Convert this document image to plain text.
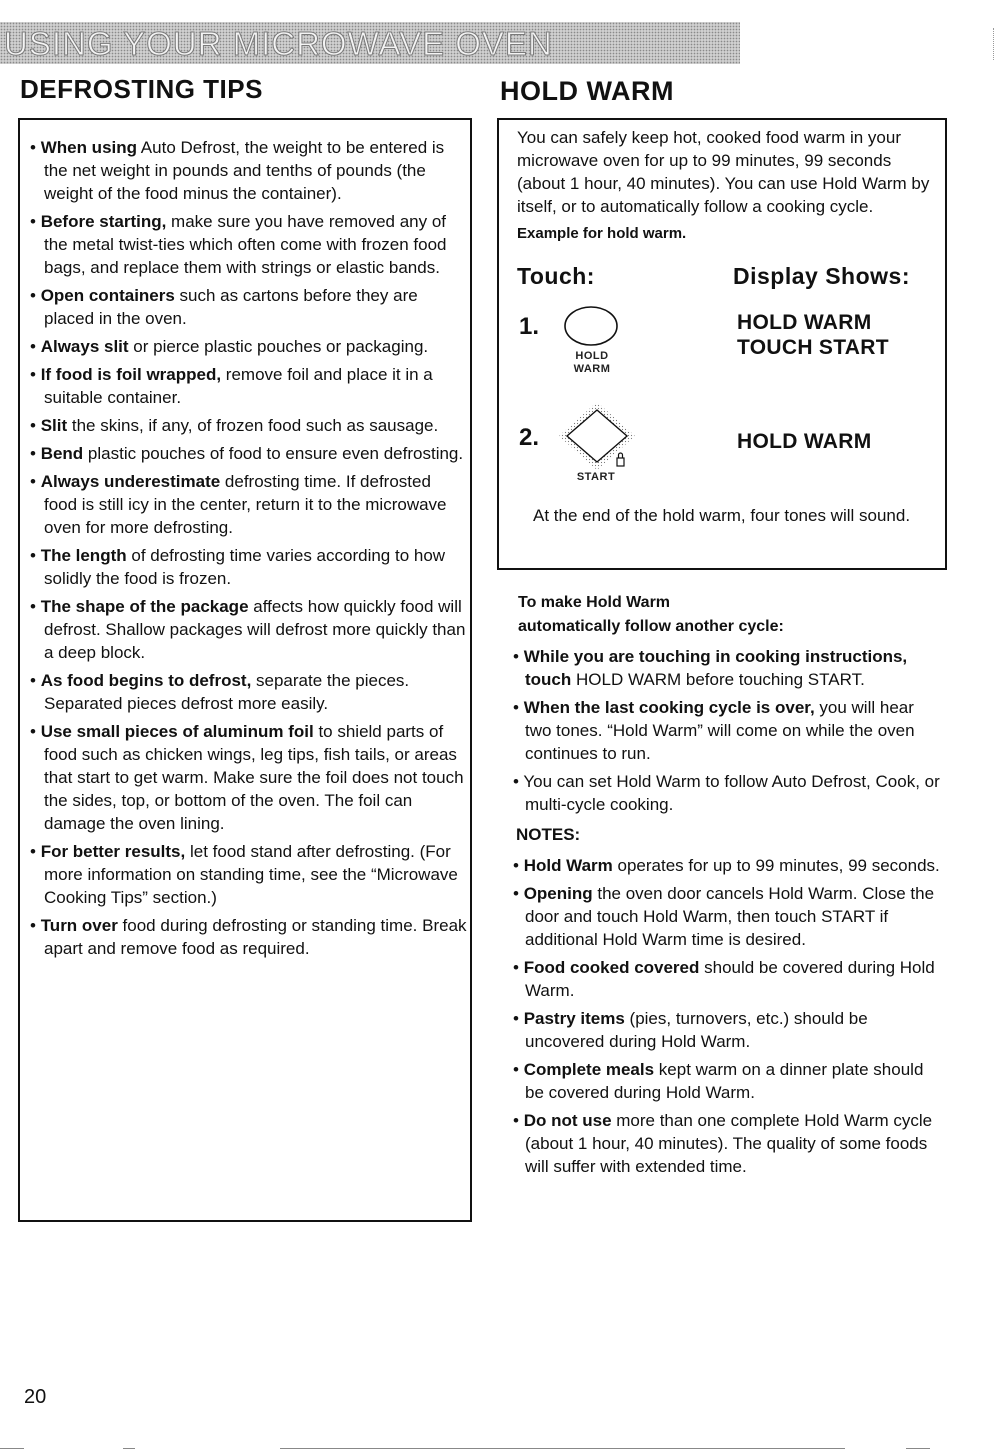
USING YOUR MICROWAVE OVEN
DEFROSTING TIPS
• When using Auto Defrost, the weight to be entered is the net weight in pounds and tenths of pounds (the weight of the food minus the container).
• Before starting, make sure you have removed any of the metal twist-ties which often come with frozen food bags, and replace them with strings or elastic bands.
• Open containers such as cartons before they are placed in the oven.
• Always slit or pierce plastic pouches or packaging.
• If food is foil wrapped, remove foil and place it in a suitable container.
• Slit the skins, if any, of frozen food such as sausage.
• Bend plastic pouches of food to ensure even defrosting.
• Always underestimate defrosting time. If defrosted food is still icy in the center, return it to the microwave oven for more defrosting.
• The length of defrosting time varies according to how solidly the food is frozen.
• The shape of the package affects how quickly food will defrost. Shallow packages will defrost more quickly than a deep block.
• As food begins to defrost, separate the pieces. Separated pieces defrost more easily.
• Use small pieces of aluminum foil to shield parts of food such as chicken wings, leg tips, fish tails, or areas that start to get warm. Make sure the foil does not touch the sides, top, or bottom of the oven. The foil can damage the oven lining.
• For better results, let food stand after defrosting. (For more information on standing time, see the “Microwave Cooking Tips” section.)
• Turn over food during defrosting or standing time. Break apart and remove food as required.
HOLD WARM

You can safely keep hot, cooked food warm in your microwave oven for up to 99 minutes, 99 seconds (about 1 hour, 40 minutes). You can use Hold Warm by itself, or to automatically follow a cooking cycle.

Example for hold warm.

Touch:	Display Shows:

1.
HOLD
WARM

HOLD WARM

TOUCH START

2.
START

HOLD WARM

At the end of the hold warm, four tones will sound.

To make Hold Warm
automatically follow another cycle:

• While you are touching in cooking instructions, touch HOLD WARM before touching START.
• When the last cooking cycle is over, you will hear two tones. “Hold Warm” will come on while the oven continues to run.
• You can set Hold Warm to follow Auto Defrost, Cook, or multi-cycle cooking.

NOTES:

• Hold Warm operates for up to 99 minutes, 99 seconds.
• Opening the oven door cancels Hold Warm. Close the door and touch Hold Warm, then touch START if additional Hold Warm time is desired.
• Food cooked covered should be covered during Hold Warm.
• Pastry items (pies, turnovers, etc.) should be uncovered during Hold Warm.
• Complete meals kept warm on a dinner plate should be covered during Hold Warm.
• Do not use more than one complete Hold Warm cycle (about 1 hour, 40 minutes). The quality of some foods will suffer with extended time.

20
